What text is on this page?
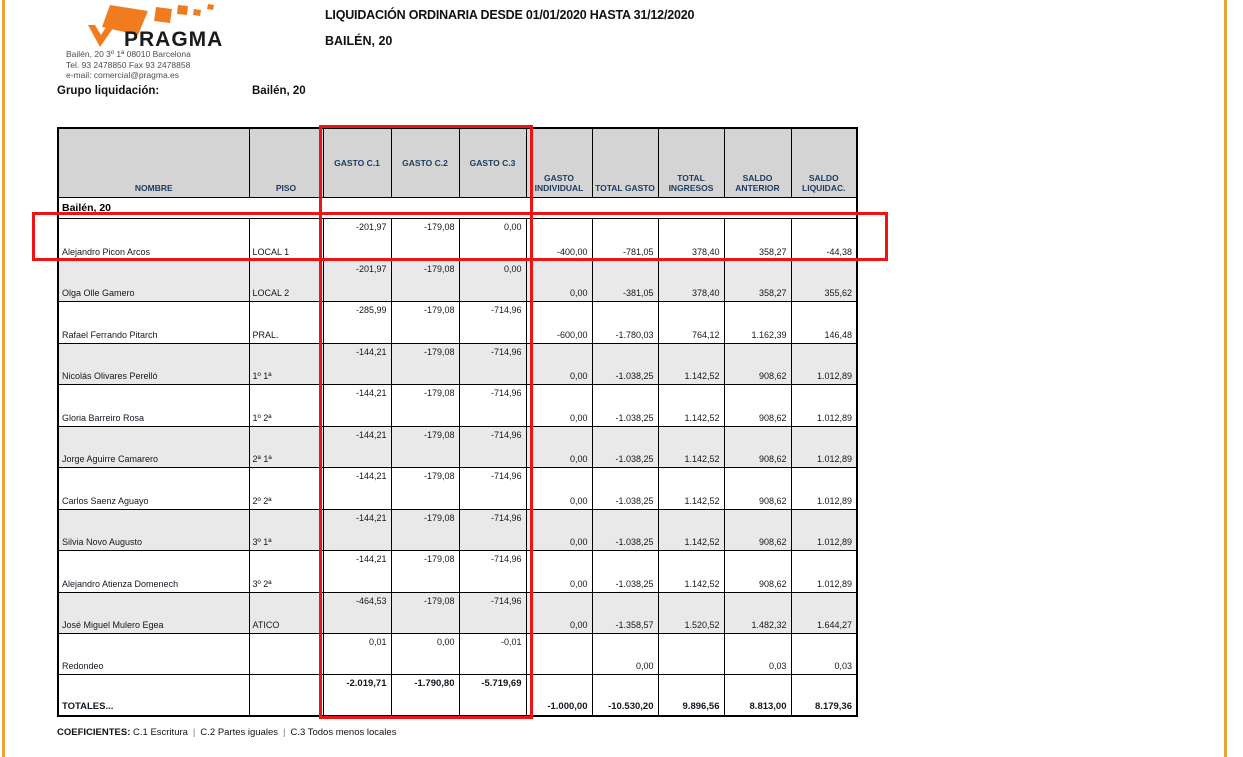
PRAGMA
Bailén, 20 3º 1ª 08010 Barcelona
Tel. 93 2478850 Fax 93 2478858
e-mail: comercial@pragma.es
LIQUIDACIÓN ORDINARIA DESDE 01/01/2020 HASTA 31/12/2020
BAILÉN, 20
Grupo liquidación:	Bailén, 20
NOMBRE	PISO	GASTO C.1	GASTO C.2	GASTO C.3	GASTO INDIVIDUAL	TOTAL GASTO	TOTAL INGRESOS	SALDO ANTERIOR	SALDO LIQUIDAC.
Bailén, 20									

Alejandro Picon Arcos	LOCAL 1	-201,97	-179,08	0,00	-400,00	-781,05	378,40	358,27	-44,38

Olga Olle Gamero	LOCAL 2	-201,97	-179,08	0,00	0,00	-381,05	378,40	358,27	355,62

Rafael Ferrando Pitarch	PRAL.	-285,99	-179,08	-714,96	-600,00	-1.780,03	764,12	1.162,39	146,48

Nicolás Olivares Perelló	1º 1ª	-144,21	-179,08	-714,96	0,00	-1.038,25	1.142,52	908,62	1.012,89

Gloria Barreiro Rosa	1º 2ª	-144,21	-179,08	-714,96	0,00	-1.038,25	1.142,52	908,62	1.012,89

Jorge Aguirre Camarero	2ª 1ª	-144,21	-179,08	-714,96	0,00	-1.038,25	1.142,52	908,62	1.012,89

Carlos Saenz Aguayo	2º 2ª	-144,21	-179,08	-714,96	0,00	-1.038,25	1.142,52	908,62	1.012,89

Silvia Novo Augusto	3º 1ª	-144,21	-179,08	-714,96	0,00	-1.038,25	1.142,52	908,62	1.012,89

Alejandro Atienza Domenech	3º 2ª	-144,21	-179,08	-714,96	0,00	-1.038,25	1.142,52	908,62	1.012,89

José Miguel Mulero Egea	ATICO	-464,53	-179,08	-714,96	0,00	-1.358,57	1.520,52	1.482,32	1.644,27

Redondeo		0,01	0,00	-0,01		0,00		0,03	0,03

TOTALES...		-2.019,71	-1.790,80	-5.719,69	-1.000,00	-10.530,20	9.896,56	8.813,00	8.179,36
COEFICIENTES: C.1 Escritura | C.2 Partes iguales | C.3 Todos menos locales
